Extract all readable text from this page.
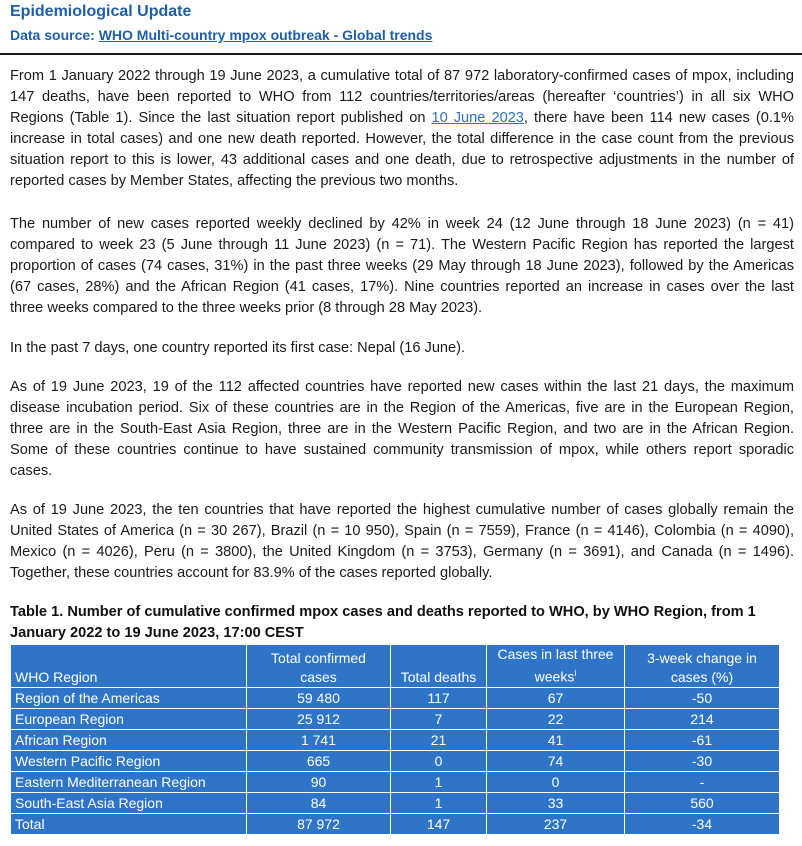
Epidemiological Update
Data source: WHO Multi-country mpox outbreak - Global trends
From 1 January 2022 through 19 June 2023, a cumulative total of 87 972 laboratory-confirmed cases of mpox, including 147 deaths, have been reported to WHO from 112 countries/territories/areas (hereafter ‘countries’) in all six WHO Regions (Table 1). Since the last situation report published on 10 June 2023, there have been 114 new cases (0.1% increase in total cases) and one new death reported. However, the total difference in the case count from the previous situation report to this is lower, 43 additional cases and one death, due to retrospective adjustments in the number of reported cases by Member States, affecting the previous two months.
The number of new cases reported weekly declined by 42% in week 24 (12 June through 18 June 2023) (n = 41) compared to week 23 (5 June through 11 June 2023) (n = 71). The Western Pacific Region has reported the largest proportion of cases (74 cases, 31%) in the past three weeks (29 May through 18 June 2023), followed by the Americas (67 cases, 28%) and the African Region (41 cases, 17%). Nine countries reported an increase in cases over the last three weeks compared to the three weeks prior (8 through 28 May 2023).
In the past 7 days, one country reported its first case: Nepal (16 June).
As of 19 June 2023, 19 of the 112 affected countries have reported new cases within the last 21 days, the maximum disease incubation period. Six of these countries are in the Region of the Americas, five are in the European Region, three are in the South-East Asia Region, three are in the Western Pacific Region, and two are in the African Region. Some of these countries continue to have sustained community transmission of mpox, while others report sporadic cases.
As of 19 June 2023, the ten countries that have reported the highest cumulative number of cases globally remain the United States of America (n = 30 267), Brazil (n = 10 950), Spain (n = 7559), France (n = 4146), Colombia (n = 4090), Mexico (n = 4026), Peru (n = 3800), the United Kingdom (n = 3753), Germany (n = 3691), and Canada (n = 1496). Together, these countries account for 83.9% of the cases reported globally.
Table 1. Number of cumulative confirmed mpox cases and deaths reported to WHO, by WHO Region, from 1 January 2022 to 19 June 2023, 17:00 CEST
WHO Region	Total confirmed cases	Total deaths	Cases in last three weeks$^i$	3-week change in cases (%)
Region of the Americas	59 480	117	67	-50
European Region	25 912	7	22	214
African Region	1 741	21	41	-61
Western Pacific Region	665	0	74	-30
Eastern Mediterranean Region	90	1	0	-
South-East Asia Region	84	1	33	560
Total	87 972	147	237	-34
